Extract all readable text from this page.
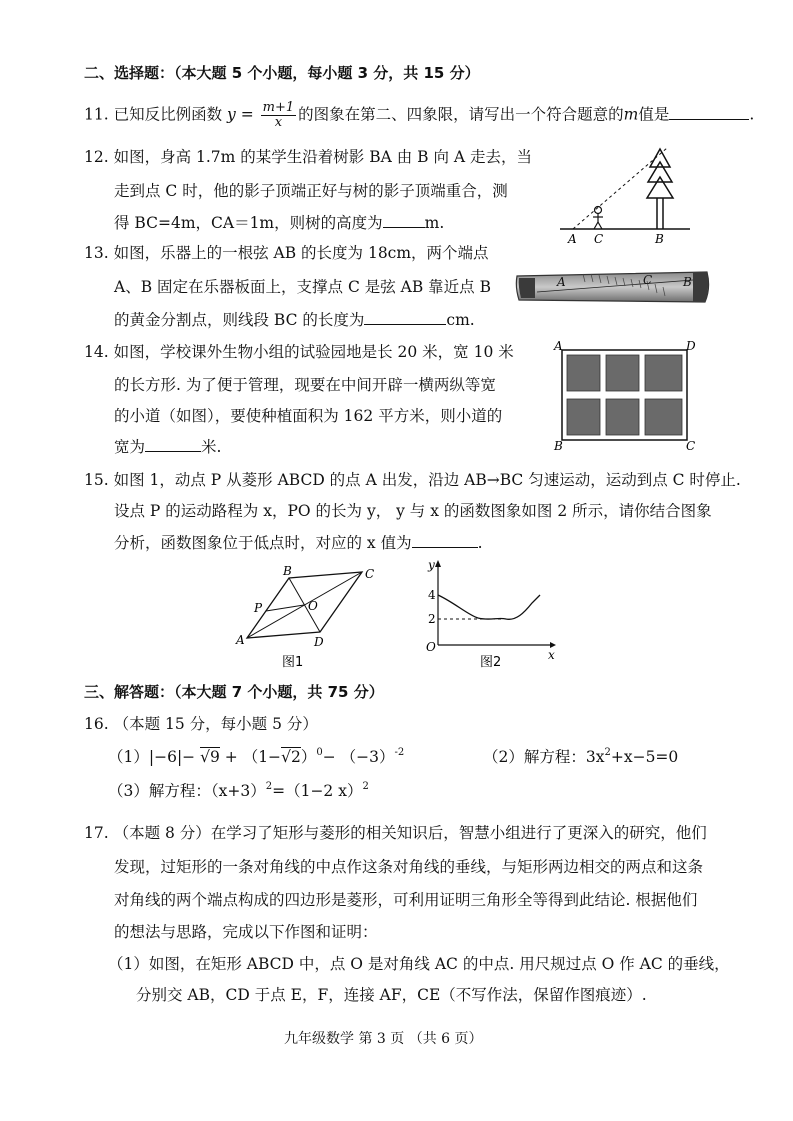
二、选择题：（本大题 5 个小题，每小题 3 分，共 15 分）
11. 已知反比例函数 $y = \frac{m+1}{x}$ 的图象在第二、四象限，请写出一个符合题意的m值是	.
12. 如图，身高 1.7m 的某学生沿着树影 BA 由 B 向 A 走去，当
走到点 C 时，他的影子顶端正好与树的影子顶端重合，测
得 BC=4m，CA＝1m，则树的高度为	m.
A C	B
13. 如图，乐器上的一根弦 AB 的长度为 18cm，两个端点
A、B 固定在乐器板面上，支撑点 C 是弦 AB 靠近点 B
的黄金分割点，则线段 BC 的长度为	cm.
A	C	B
14. 如图，学校课外生物小组的试验园地是长 20 米，宽 10 米
的长方形. 为了便于管理，现要在中间开辟一横两纵等宽
的小道（如图），要使种植面积为 162 平方米，则小道的
宽为	米.
A	D
B	C
15. 如图 1，动点 P 从菱形 ABCD 的点 A 出发，沿边 AB→BC 匀速运动，运动到点 C 时停止.
设点 P 的运动路程为 x，PO 的长为 y， y 与 x 的函数图象如图 2 所示，请你结合图象
分析，函数图象位于低点时，对应的 x 值为	.
B	C
P	O
A	D
图1
y
4
2
O
x
图2
三、解答题：（本大题 7 个小题，共 75 分）
16. （本题 15 分，每小题 5 分）
$(1)|-6|- √9 + (1-√2)^0- (-3)^{-2}$	（2）解方程：$3x^2+x-5=0$
（3）解方程：$(x+3)^2=(1-2$ x）$^2$
17. （本题 8 分）在学习了矩形与菱形的相关知识后，智慧小组进行了更深入的研究，他们
发现，过矩形的一条对角线的中点作这条对角线的垂线，与矩形两边相交的两点和这条
对角线的两个端点构成的四边形是菱形，可利用证明三角形全等得到此结论. 根据他们
的想法与思路，完成以下作图和证明：
（1）如图，在矩形 ABCD 中，点 O 是对角线 AC 的中点. 用尺规过点 O 作 AC 的垂线，
分别交 AB，CD 于点 E，F，连接 AF，CE（不写作法，保留作图痕迹）.
九年级数学 第 3 页 （共 6 页）
